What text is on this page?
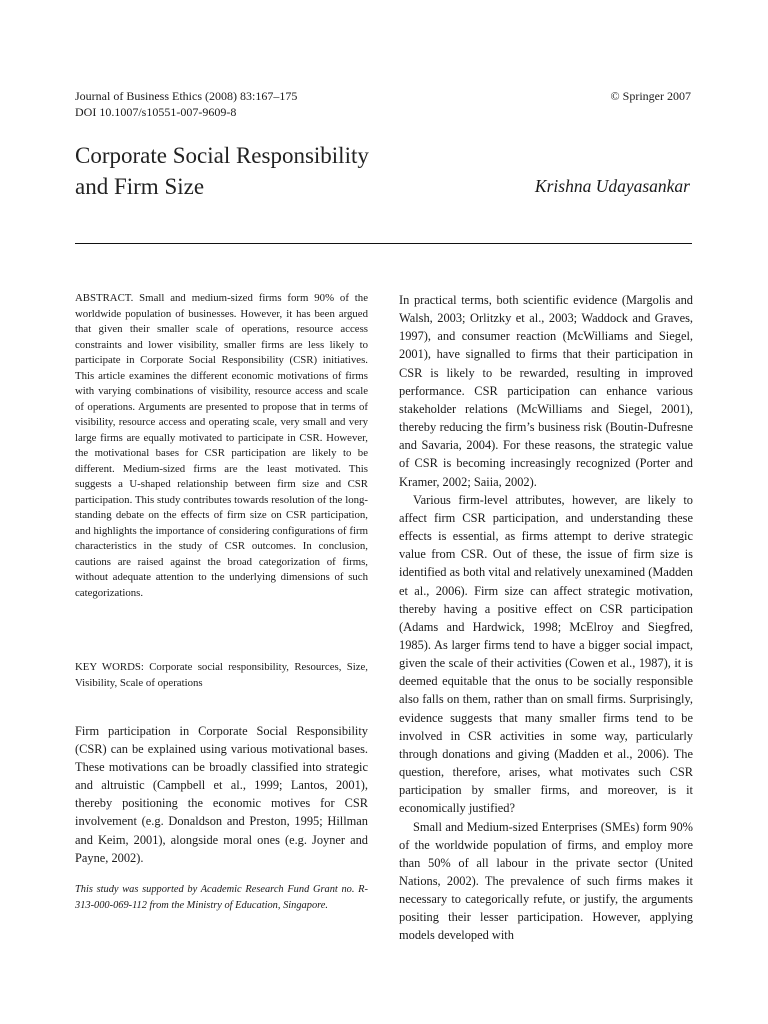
Journal of Business Ethics (2008) 83:167–175
DOI 10.1007/s10551-007-9609-8
© Springer 2007
Corporate Social Responsibility
and Firm Size	Krishna Udayasankar

ABSTRACT. Small and medium-sized firms form 90% of the worldwide population of businesses. However, it has been argued that given their smaller scale of operations, resource access constraints and lower visibility, smaller firms are less likely to participate in Corporate Social Responsibility (CSR) initiatives. This article examines the different economic motivations of firms with varying combinations of visibility, resource access and scale of operations. Arguments are presented to propose that in terms of visibility, resource access and operating scale, very small and very large firms are equally motivated to participate in CSR. However, the motivational bases for CSR participation are likely to be different. Medium-sized firms are the least motivated. This suggests a U-shaped relationship between firm size and CSR participation. This study contributes towards resolution of the long-standing debate on the effects of firm size on CSR participation, and highlights the importance of considering configurations of firm characteristics in the study of CSR outcomes. In conclusion, cautions are raised against the broad categorization of firms, without adequate attention to the underlying dimensions of such categorizations.

KEY WORDS: Corporate social responsibility, Resources, Size, Visibility, Scale of operations

Firm participation in Corporate Social Responsibility (CSR) can be explained using various motivational bases. These motivations can be broadly classified into strategic and altruistic (Campbell et al., 1999; Lantos, 2001), thereby positioning the economic motives for CSR involvement (e.g. Donaldson and Preston, 1995; Hillman and Keim, 2001), alongside moral ones (e.g. Joyner and Payne, 2002).

This study was supported by Academic Research Fund Grant no. R-313-000-069-112 from the Ministry of Education, Singapore.

In practical terms, both scientific evidence (Margolis and Walsh, 2003; Orlitzky et al., 2003; Waddock and Graves, 1997), and consumer reaction (McWilliams and Siegel, 2001), have signalled to firms that their participation in CSR is likely to be rewarded, resulting in improved performance. CSR participation can enhance various stakeholder relations (McWilliams and Siegel, 2001), thereby reducing the firm’s business risk (Boutin-Dufresne and Savaria, 2004). For these reasons, the strategic value of CSR is becoming increasingly recognized (Porter and Kramer, 2002; Saiia, 2002).

Various firm-level attributes, however, are likely to affect firm CSR participation, and understanding these effects is essential, as firms attempt to derive strategic value from CSR. Out of these, the issue of firm size is identified as both vital and relatively unexamined (Madden et al., 2006). Firm size can affect strategic motivation, thereby having a positive effect on CSR participation (Adams and Hardwick, 1998; McElroy and Siegfred, 1985). As larger firms tend to have a bigger social impact, given the scale of their activities (Cowen et al., 1987), it is deemed equitable that the onus to be socially responsible also falls on them, rather than on small firms. Surprisingly, evidence suggests that many smaller firms tend to be involved in CSR activities in some way, particularly through donations and giving (Madden et al., 2006). The question, therefore, arises, what motivates such CSR participation by smaller firms, and moreover, is it economically justified?

Small and Medium-sized Enterprises (SMEs) form 90% of the worldwide population of firms, and employ more than 50% of all labour in the private sector (United Nations, 2002). The prevalence of such firms makes it necessary to categorically refute, or justify, the arguments positing their lesser participation. However, applying models developed with
